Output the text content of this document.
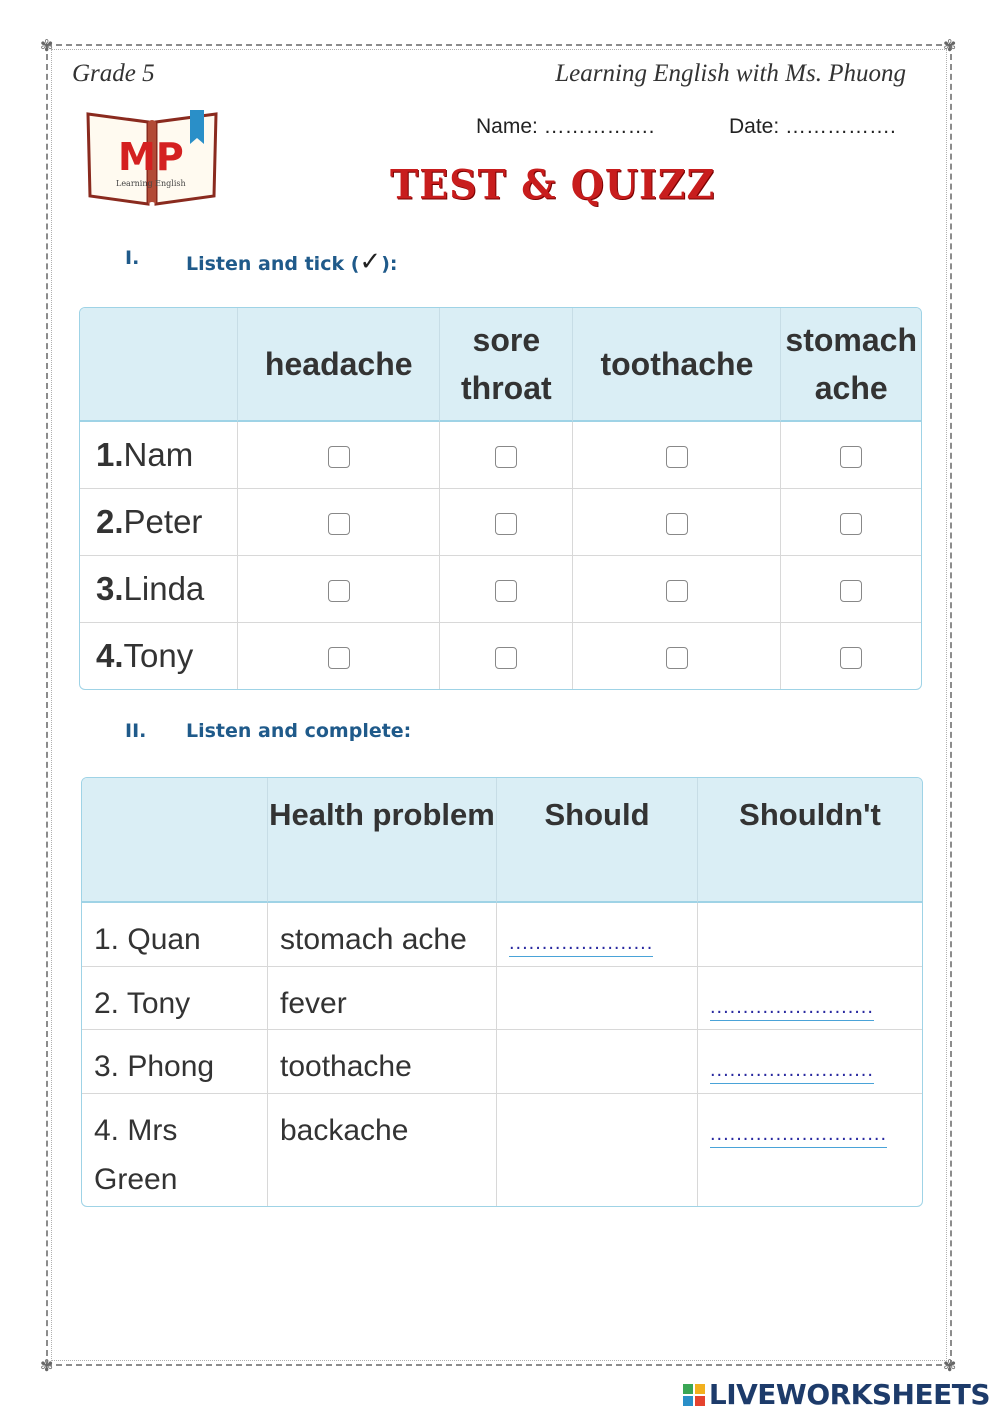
✾	✾
✾	✾
Grade 5	Learning English with Ms. Phuong
MP
Learning English
Name: …………….	Date: …………….
TEST & QUIZZ
I. Listen and tick (✓):
	headache	sore throat	toothache	stomach ache
1.Nam				
2.Peter				
3.Linda				
4.Tony				
II. Listen and complete:
	Health problem	Should	Shouldn't
1. Quan	stomach ache	......................	
2. Tony	fever		.........................
3. Phong	toothache		.........................
4. Mrs Green	backache		...........................
LIVEWORKSHEETS
